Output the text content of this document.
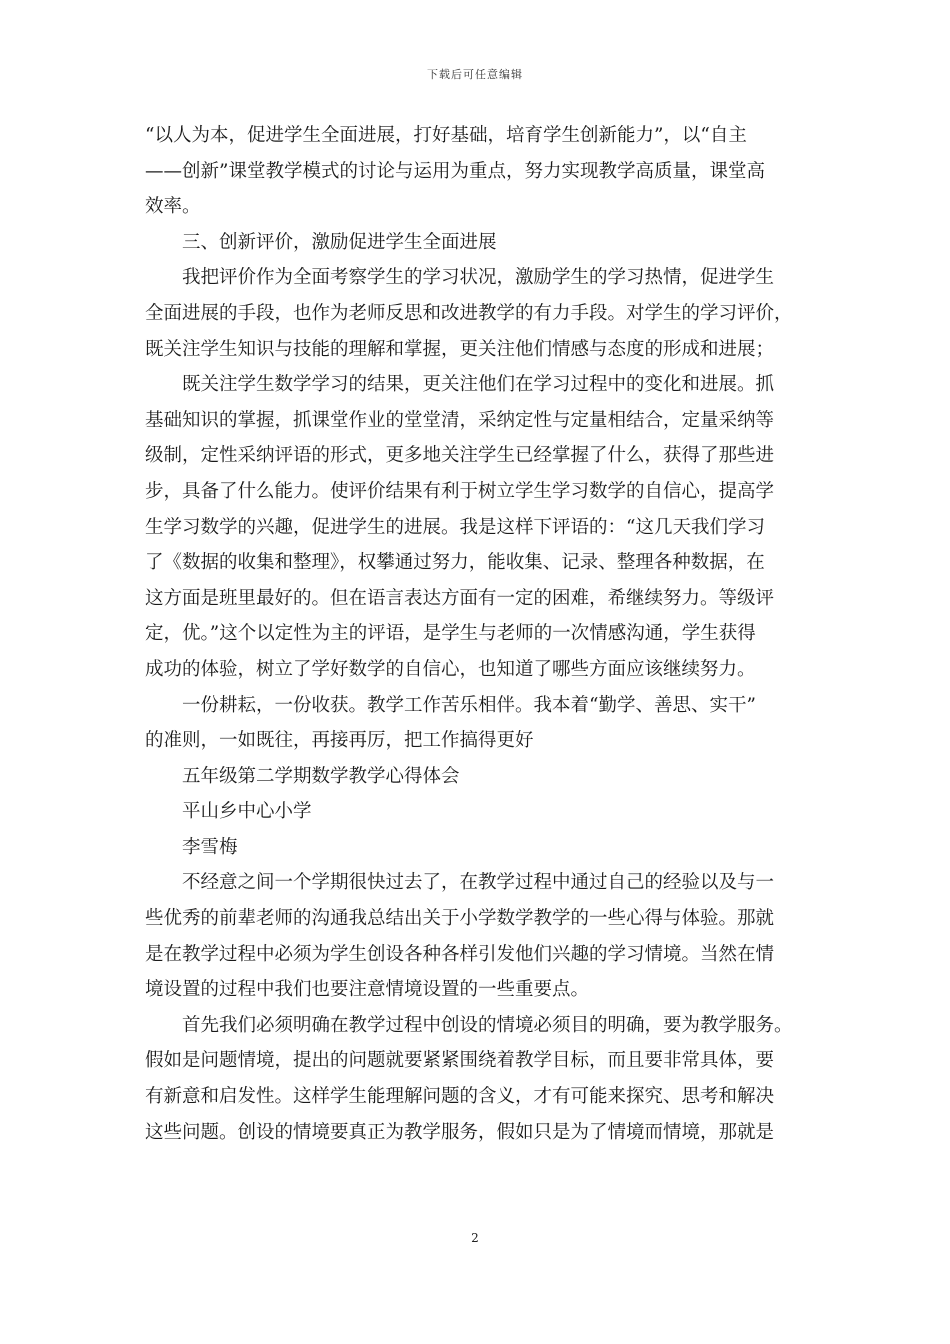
下载后可任意编辑

“以人为本，促进学生全面进展，打好基础，培育学生创新能力”，以“自主
——创新”课堂教学模式的讨论与运用为重点，努力实现教学高质量，课堂高
效率。

三、创新评价，激励促进学生全面进展

我把评价作为全面考察学生的学习状况，激励学生的学习热情，促进学生
全面进展的手段，也作为老师反思和改进教学的有力手段。对学生的学习评价，
既关注学生知识与技能的理解和掌握，更关注他们情感与态度的形成和进展；

既关注学生数学学习的结果，更关注他们在学习过程中的变化和进展。抓
基础知识的掌握，抓课堂作业的堂堂清，采纳定性与定量相结合，定量采纳等
级制，定性采纳评语的形式，更多地关注学生已经掌握了什么，获得了那些进
步，具备了什么能力。使评价结果有利于树立学生学习数学的自信心，提高学
生学习数学的兴趣，促进学生的进展。我是这样下评语的：“这几天我们学习
了《数据的收集和整理》，权攀通过努力，能收集、记录、整理各种数据，在
这方面是班里最好的。但在语言表达方面有一定的困难，希继续努力。等级评
定，优。”这个以定性为主的评语，是学生与老师的一次情感沟通，学生获得
成功的体验，树立了学好数学的自信心，也知道了哪些方面应该继续努力。

一份耕耘，一份收获。教学工作苦乐相伴。我本着“勤学、善思、实干”
的准则，一如既往，再接再厉，把工作搞得更好

五年级第二学期数学教学心得体会

平山乡中心小学

李雪梅

不经意之间一个学期很快过去了，在教学过程中通过自己的经验以及与一
些优秀的前辈老师的沟通我总结出关于小学数学教学的一些心得与体验。那就
是在教学过程中必须为学生创设各种各样引发他们兴趣的学习情境。当然在情
境设置的过程中我们也要注意情境设置的一些重要点。

首先我们必须明确在教学过程中创设的情境必须目的明确，要为教学服务。
假如是问题情境，提出的问题就要紧紧围绕着教学目标，而且要非常具体，要
有新意和启发性。这样学生能理解问题的含义，才有可能来探究、思考和解决
这些问题。创设的情境要真正为教学服务，假如只是为了情境而情境，那就是

2
